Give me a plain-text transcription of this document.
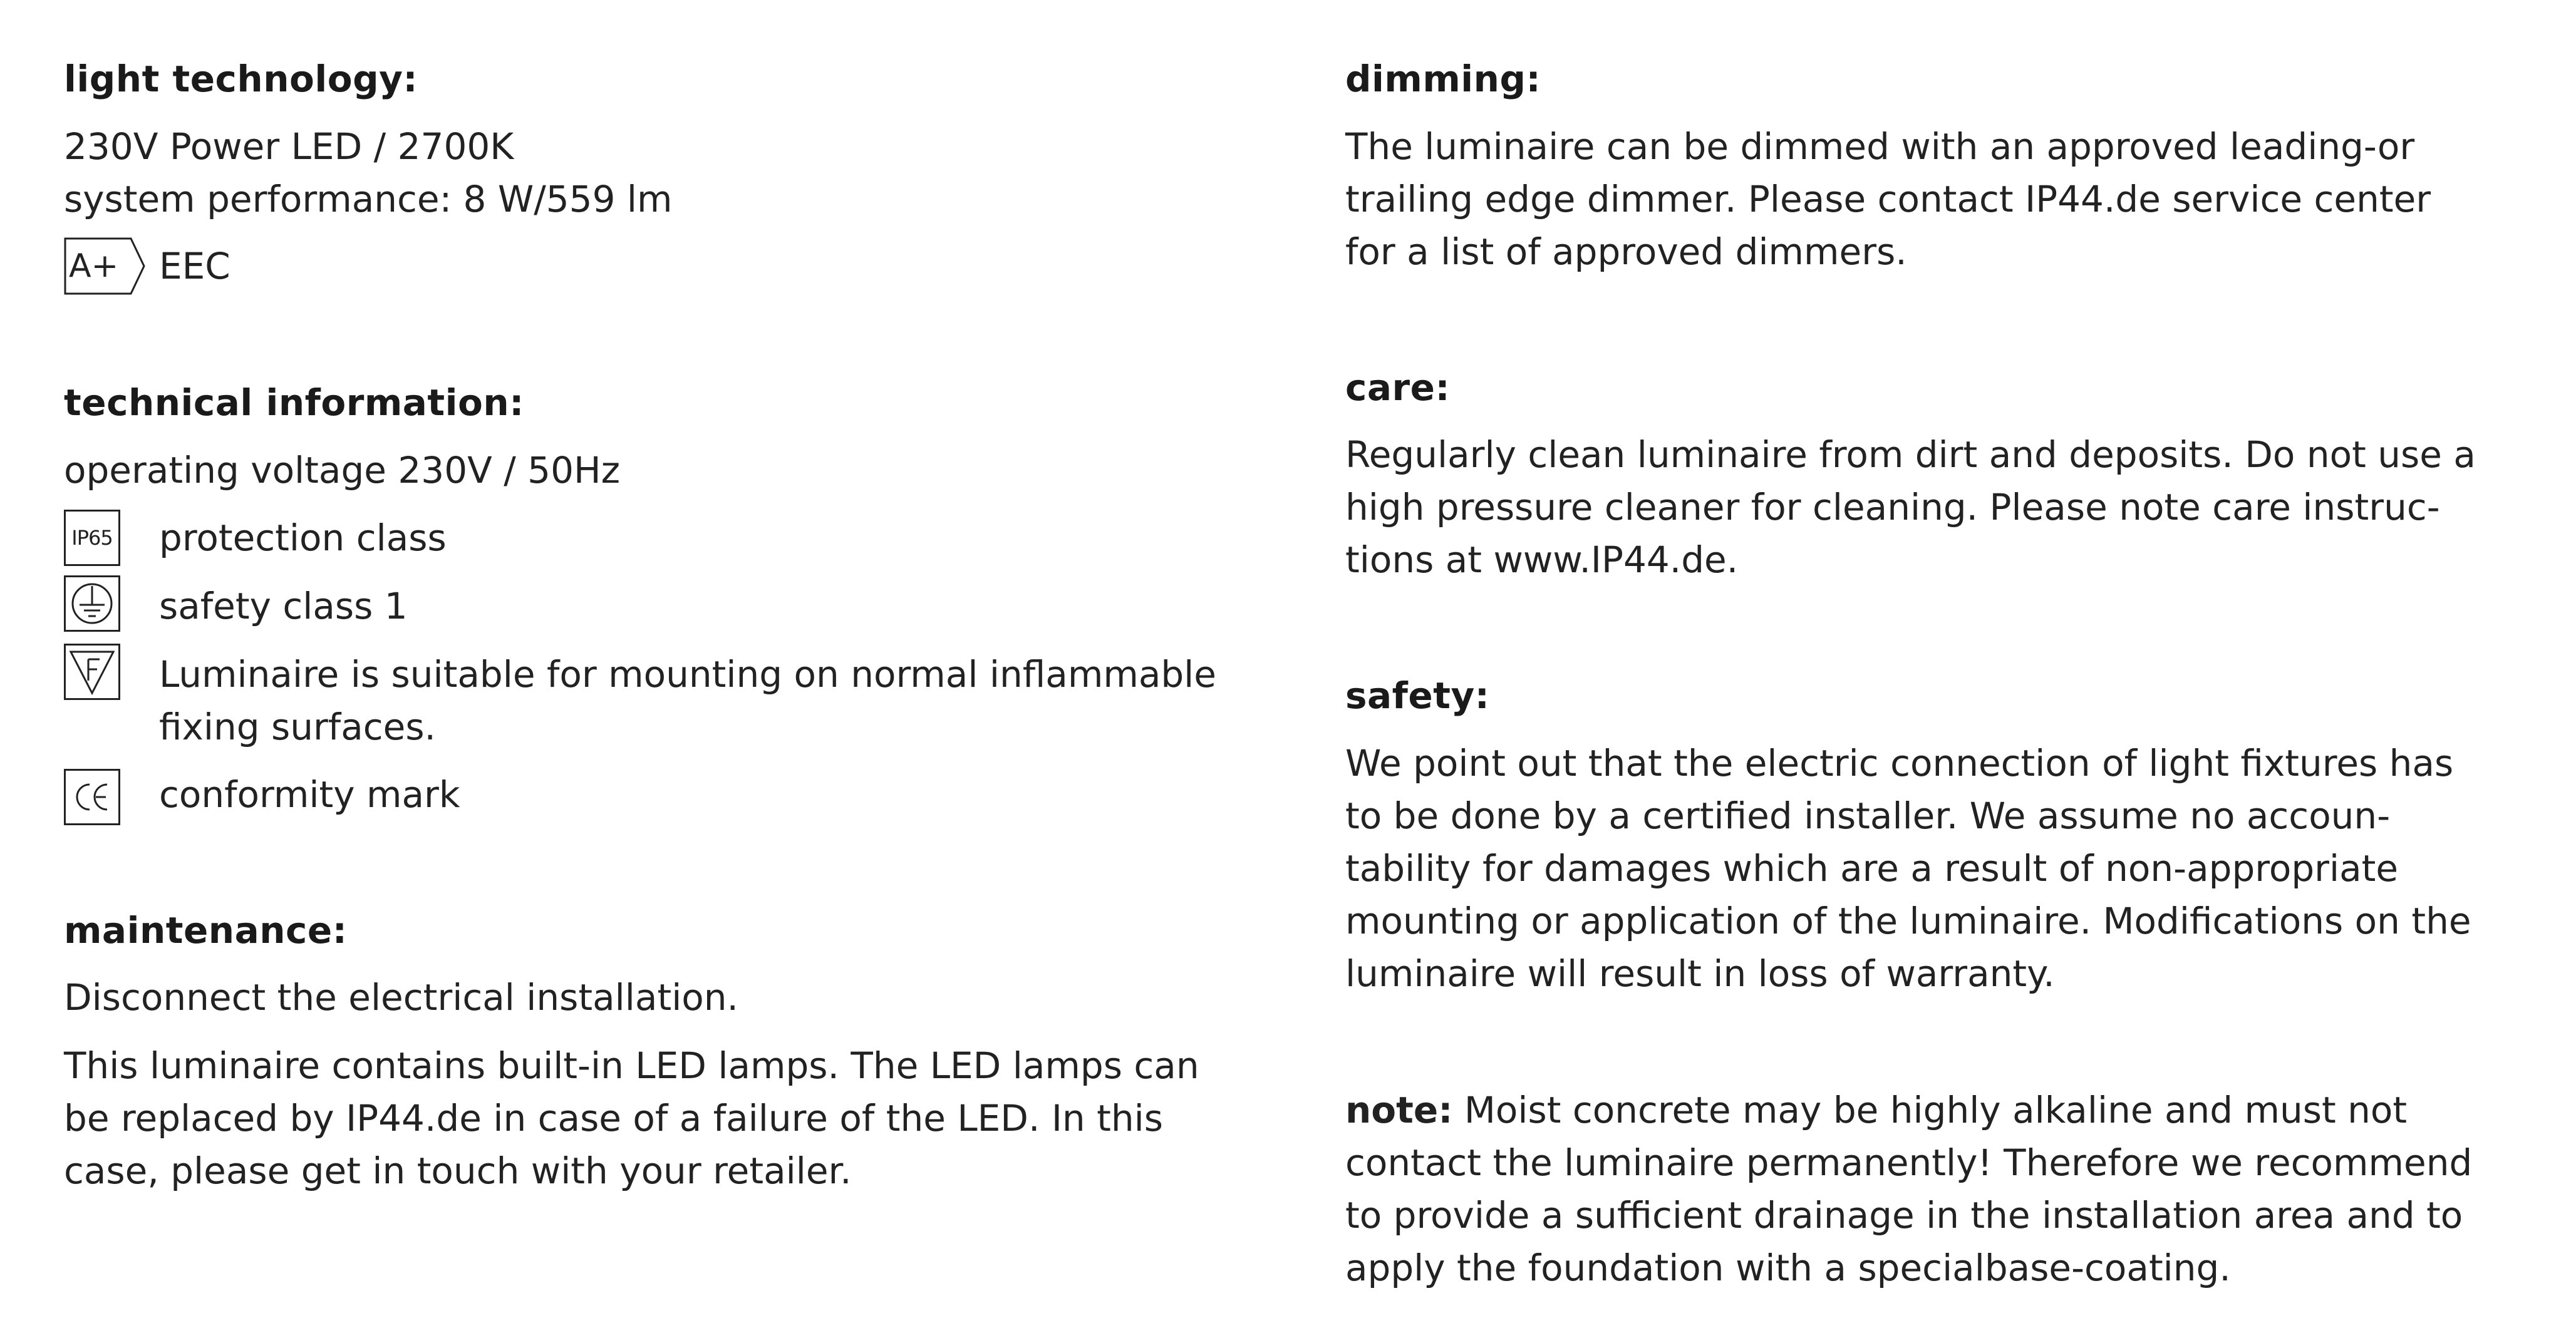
light technology:
230V Power LED / 2700K
system performance: 8 W/559 lm
A+ EEC
technical information:
operating voltage 230V / 50Hz
IP65 protection class
safety class 1
Luminaire is suitable for mounting on normal inflammable
fixing surfaces.
conformity mark
maintenance:
Disconnect the electrical installation.
This luminaire contains built-in LED lamps. The LED lamps can
be replaced by IP44.de in case of a failure of the LED. In this
case, please get in touch with your retailer.
dimming:
The luminaire can be dimmed with an approved leading-or
trailing edge dimmer. Please contact IP44.de service center
for a list of approved dimmers.
care:
Regularly clean luminaire from dirt and deposits. Do not use a
high pressure cleaner for cleaning. Please note care instruc-
tions at www.IP44.de.
safety:
We point out that the electric connection of light fixtures has
to be done by a certified installer. We assume no accoun-
tability for damages which are a result of non-appropriate
mounting or application of the luminaire. Modifications on the
luminaire will result in loss of warranty.
note: Moist concrete may be highly alkaline and must not
contact the luminaire permanently! Therefore we recommend
to provide a sufficient drainage in the installation area and to
apply the foundation with a specialbase-coating.
